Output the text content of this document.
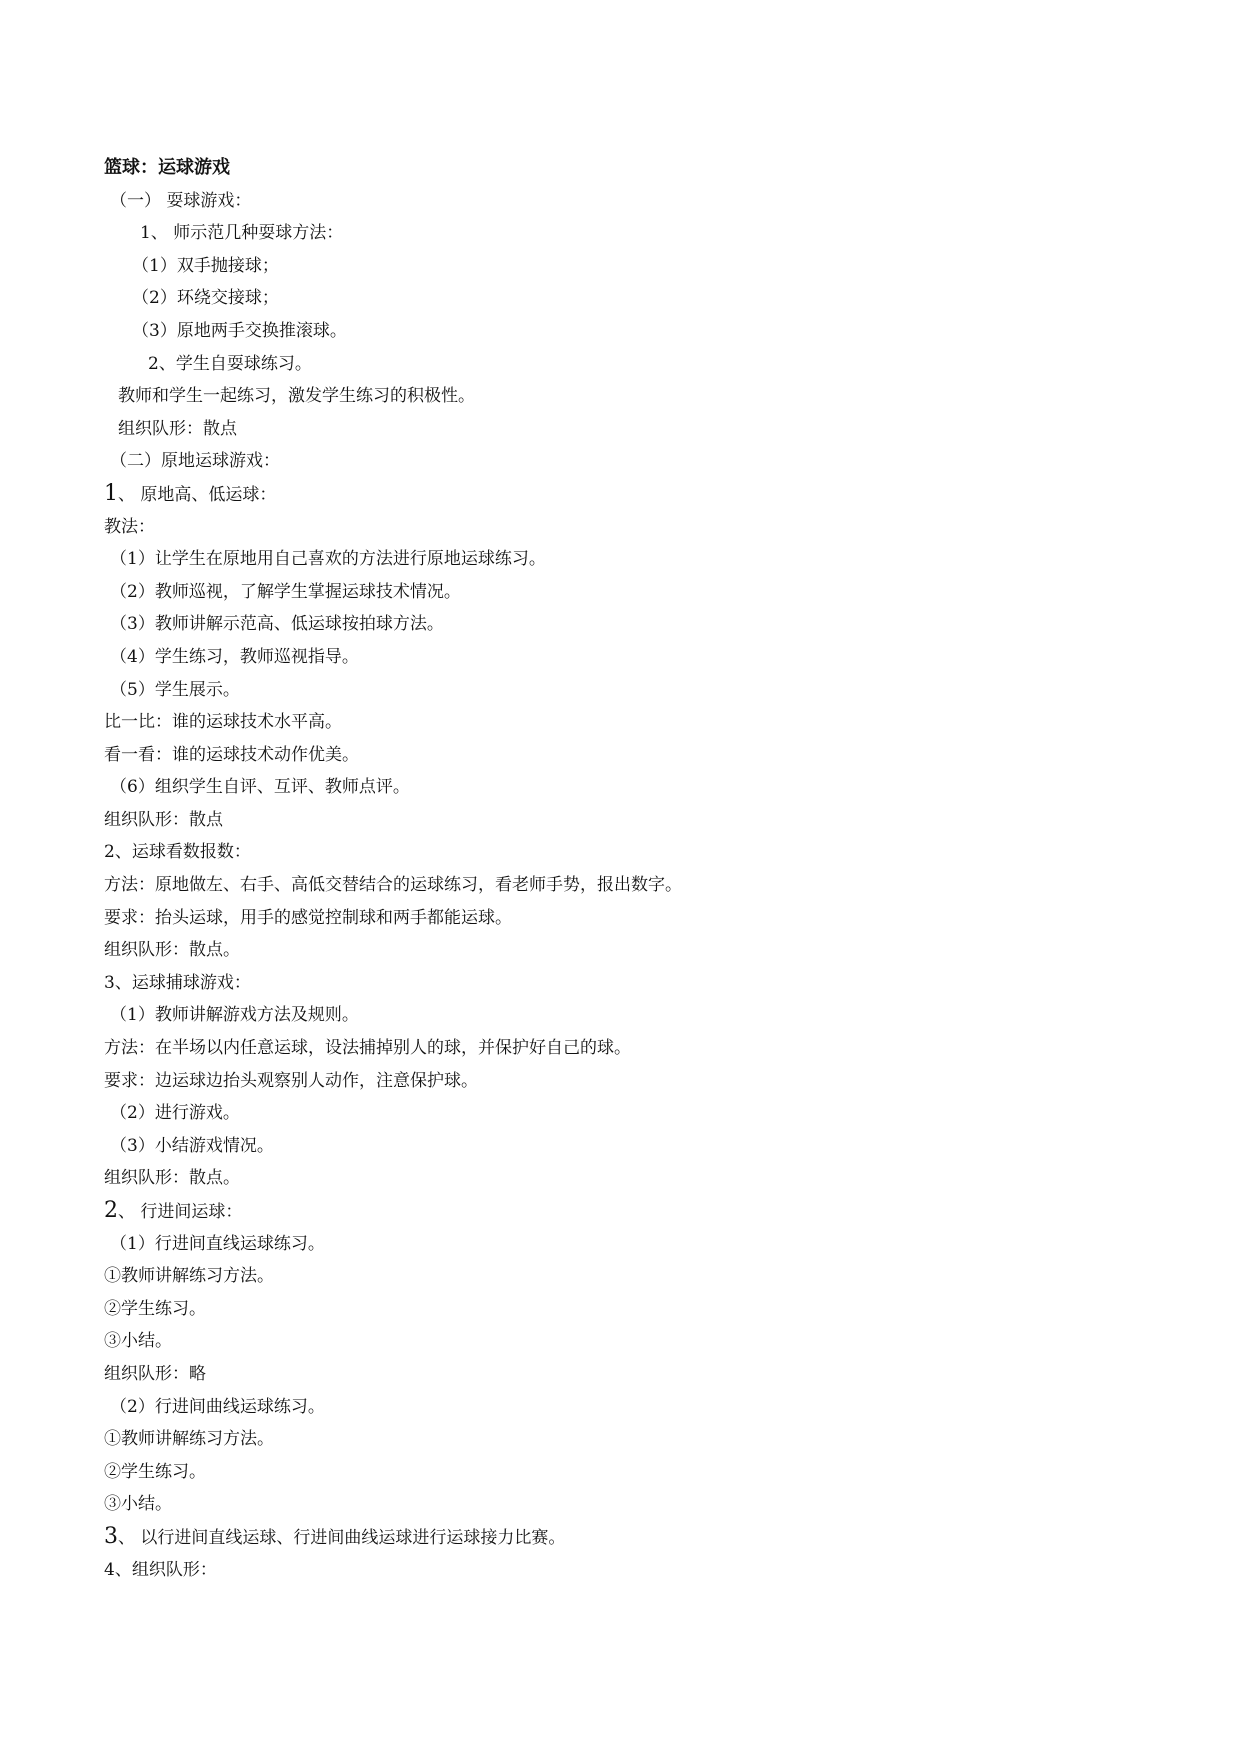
篮球：运球游戏
（一） 耍球游戏：
1、 师示范几种耍球方法：
（1）双手抛接球；
（2）环绕交接球；
（3）原地两手交换推滚球。
2、学生自耍球练习。
教师和学生一起练习，激发学生练习的积极性。
组织队形：散点
（二）原地运球游戏：
1、 原地高、低运球：
教法：
（1）让学生在原地用自己喜欢的方法进行原地运球练习。
（2）教师巡视，了解学生掌握运球技术情况。
（3）教师讲解示范高、低运球按拍球方法。
（4）学生练习，教师巡视指导。
（5）学生展示。
比一比：谁的运球技术水平高。
看一看：谁的运球技术动作优美。
（6）组织学生自评、互评、教师点评。
组织队形：散点
2、运球看数报数：
方法：原地做左、右手、高低交替结合的运球练习，看老师手势，报出数字。
要求：抬头运球，用手的感觉控制球和两手都能运球。
组织队形：散点。
3、运球捕球游戏：
（1）教师讲解游戏方法及规则。
方法：在半场以内任意运球，设法捕掉别人的球，并保护好自己的球。
要求：边运球边抬头观察别人动作，注意保护球。
（2）进行游戏。
（3）小结游戏情况。
组织队形：散点。
2、 行进间运球：
（1）行进间直线运球练习。
①教师讲解练习方法。
②学生练习。
③小结。
组织队形：略
（2）行进间曲线运球练习。
①教师讲解练习方法。
②学生练习。
③小结。
3、 以行进间直线运球、行进间曲线运球进行运球接力比赛。
4、组织队形：
